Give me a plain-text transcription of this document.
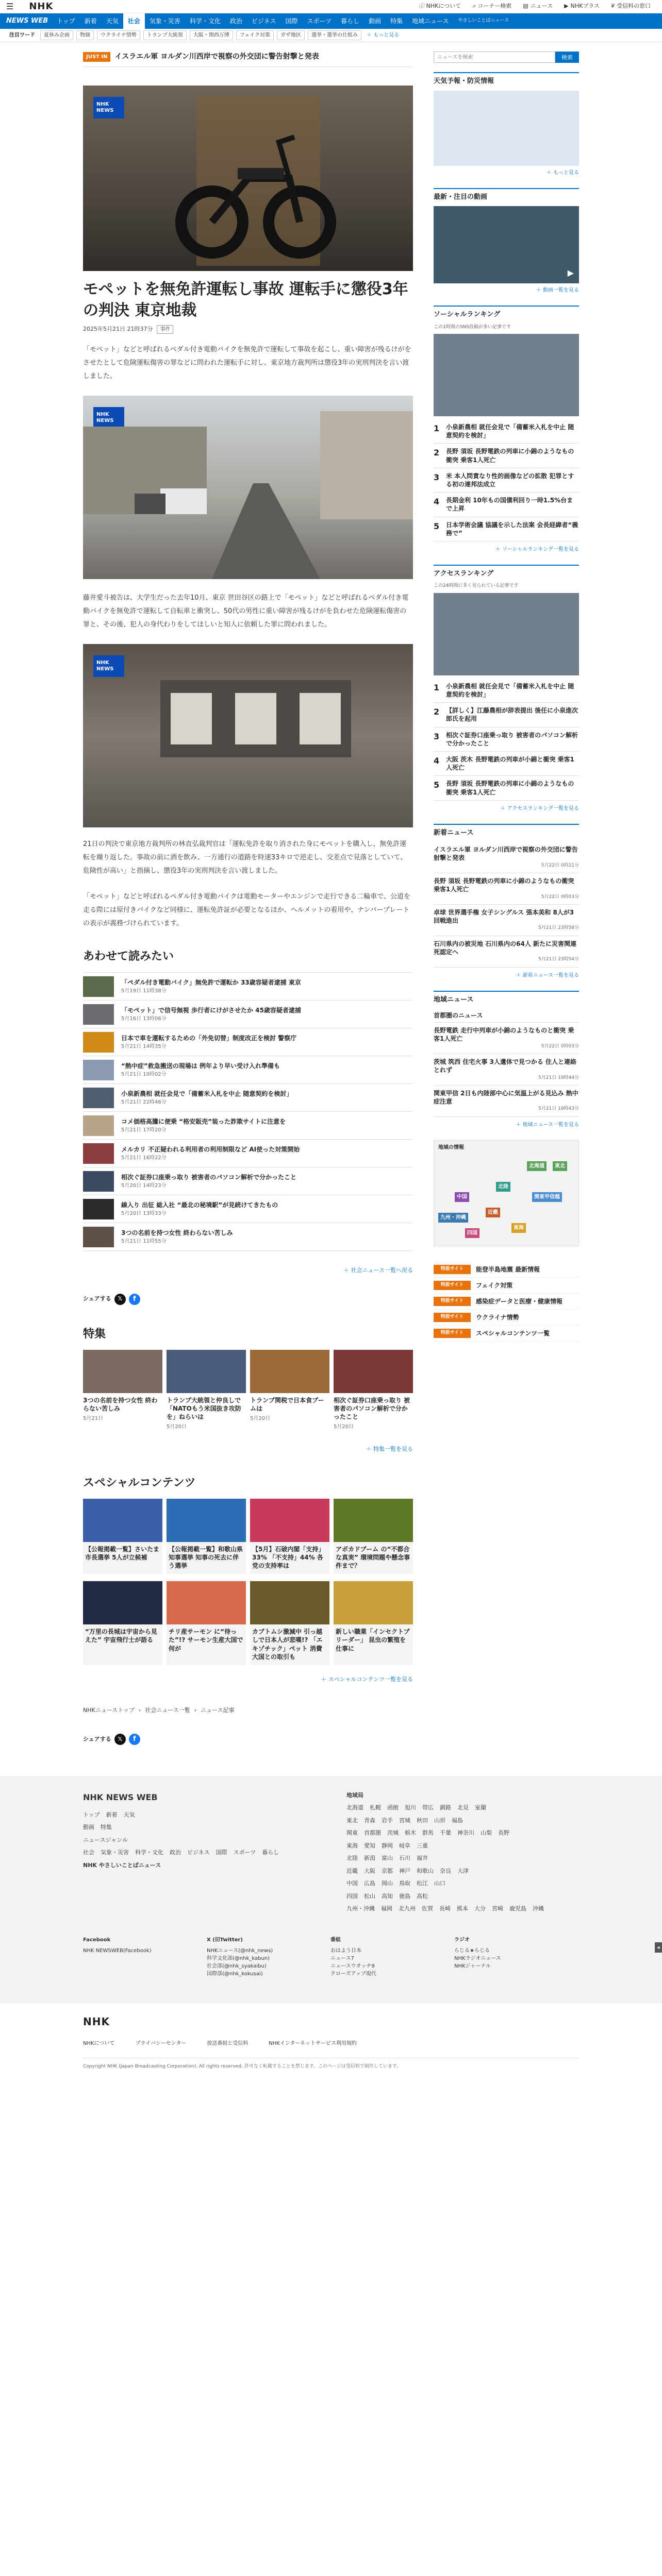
☰ NHK	ⓘ NHKについて ⌕ コーナー検索 ▤ ニュース ▶ NHKプラス ¥ 受信料の窓口
NEWS WEB	トップ	新着	天気	社会	気象・災害	科学・文化	政治	ビジネス	国際	スポーツ	暮らし	動画	特集	地域ニュース	やさしいことばニュース
注目ワード	夏休み企画	物価	ウクライナ情勢	トランプ大統領	大阪・関西万博	フェイク対策	ガザ地区	選挙・選挙の仕組み	＋ もっと見る
JUST IN	イスラエル軍 ヨルダン川西岸で視察の外交団に警告射撃と発表
NHK NEWS
モペットを無免許運転し事故 運転手に懲役3年の判決 東京地裁
2025年5月21日 21時37分	事件

「モペット」などと呼ばれるペダル付き電動バイクを無免許で運転して事故を起こし、重い障害が残るけがをさせたとして危険運転傷害の罪などに問われた運転手に対し、東京地方裁判所は懲役3年の実刑判決を言い渡しました。

NHK NEWS

藤井愛斗被告は、大学生だった去年10月、東京 世田谷区の路上で「モペット」などと呼ばれるペダル付き電動バイクを無免許で運転して自転車と衝突し、50代の男性に重い障害が残るけがを負わせた危険運転傷害の罪と、その後、犯人の身代わりをしてほしいと知人に依頼した罪に問われました。

NHK NEWS

21日の判決で東京地方裁判所の林直弘裁判官は「運転免許を取り消された身にモペットを購入し、無免許運転を繰り返した。事故の前に酒を飲み、一方通行の道路を時速33キロで逆走し、交差点で見落としていて、危険性が高い」と指摘し、懲役3年の実刑判決を言い渡しました。

「モペット」などと呼ばれるペダル付き電動バイクは電動モーターやエンジンで走行できる二輪車で、公道を走る際には原付きバイクなど同様に、運転免許証が必要となるほか、ヘルメットの着用や、ナンバープレートの表示が義務づけられています。

あわせて読みたい
「ペダル付き電動バイク」無免許で運転か 33歳容疑者逮捕 東京
5月19日 11時38分
「モペット」で信号無視 歩行者にけがさせたか 45歳容疑者逮捕
5月16日 13時06分
日本で車を運転するための「外免切替」制度改正を検討 警察庁
5月21日 14時35分
“熱中症”救急搬送の現場は 例年より早い受け入れ準備も
5月21日 10時02分
小泉新農相 就任会見で「備蓄米入札を中止 随意契約を検討」
5月21日 22時46分
コメ価格高騰に便乗 “格安販売”装った詐欺サイトに注意を
5月21日 17時20分
メルカリ 不正疑われる利用者の利用制限など AI使った対策開始
5月21日 16時22分
相次ぐ証券口座乗っ取り 被害者のパソコン解析で分かったこと
5月20日 14時23分
線入り 出征 総入社 “最北の秘境駅”が見続けてきたもの
5月20日 13時33分
3つの名前を持つ女性 終わらない苦しみ
5月21日 11時55分
＋ 社会ニュース一覧へ戻る
シェアする	𝕏	f
特集
3つの名前を持つ女性 終わらない苦しみ
5月21日
トランプ大統領と仲良しで「NATOもう米国抜き攻防を」ねらいは
5月20日
トランプ関税で日本食ブームは
5月20日
相次ぐ証券口座乗っ取り 被害者のパソコン解析で分かったこと
5月20日
＋ 特集一覧を見る
スペシャルコンテンツ
【公報掲載一覧】さいたま市長選挙 5人が立候補
【公報掲載一覧】和歌山県知事選挙 知事の死去に伴う選挙
【5月】石破内閣「支持」33% 「不支持」44% 各党の支持率は
アボカドブーム の“不都合な真実” 環境問題や懸念事件まで？
“万里の長城は宇宙から見えた” 宇宙飛行士が語る
チリ産サーモン に“待った”!? サーモン生産大国で何が
カブトムシ激減中 引っ越しで日本人が悲嘆!? 「エキゾチック」ペット 消費大国との取引も
新しい職業「インセクトブリーダー」 昆虫の繁殖を仕事に
＋ スペシャルコンテンツ一覧を見る
NHKニューストップ › 社会ニュース一覧 › ニュース記事
シェアする	𝕏	f
ニュースを検索
検索
天気予報・防災情報
＋ もっと見る
最新・注目の動画
▶
＋ 動画一覧を見る
ソーシャルランキング
この1時間のSNS投稿が多い記事です
1 小泉新農相 就任会見で「備蓄米入札を中止 随意契約を検討」
2 長野 須坂 長野電鉄の列車に小錦のようなもの衝突 乗客1人死亡
3 米 本人問責なり性的画像などの拡散 犯罪とする初の連邦法成立
4 長期金利 10年もの国債利回り一時1.5%台まで上昇
5 日本学術会議 協議を示した法案 会長経緯者“義務で”
＋ ソーシャルランキング一覧を見る
アクセスランキング
この24時間に多く見られている記事です
1 小泉新農相 就任会見で「備蓄米入札を中止 随意契約を検討」
2 【詳しく】江藤農相が辞表提出 後任に小泉進次郎氏を起用
3 相次ぐ証券口座乗っ取り 被害者のパソコン解析で分かったこと
4 大阪 茨木 長野電鉄の列車が小錦と衝突 乗客1人死亡
5 長野 須坂 長野電鉄の列車に小錦のようなもの衝突 乗客1人死亡
＋ アクセスランキング一覧を見る
新着ニュース
イスラエル軍 ヨルダン川西岸で視察の外交団に警告射撃と発表
5月22日 0時21分
長野 須坂 長野電鉄の列車に小錦のようなもの衝突 乗客1人死亡
5月22日 0時03分
卓球 世界選手権 女子シングルス 張本美和 8人が3回戦進出
5月21日 23時58分
石川県内の被災地 石川県内の64人 新たに災害関連死認定へ
5月21日 23時54分
＋ 新着ニュース一覧を見る
地域ニュース
首都圏のニュース
長野電鉄 走行中列車が小錦のようなものと衝突 乗客1人死亡
5月22日 0時03分
茨城 筑西 住宅火事 3人遺体で見つかる 住人と連絡とれず
5月21日 19時44分
関東甲信 2日も内陸部中心に気温上がる見込み 熱中症注意
5月21日 19時43分
＋ 地域ニュース一覧を見る
地域の情報
北海道	東北
関東甲信越
東海
北陸
近畿
中国
四国
九州・沖縄
特設サイト	能登半島地震 最新情報
特設サイト	フェイク対策
特設サイト	感染症データと医療・健康情報
特設サイト	ウクライナ情勢
特設サイト	スペシャルコンテンツ一覧
◂
NHK NEWS WEB
トップ 新着 天気
動画 特集
ニュースジャンル
社会 気象・災害 科学・文化 政治 ビジネス 国際 スポーツ 暮らし
NHK やさしいことばニュース
地域局
北海道 札幌 函館 旭川 帯広 釧路 北見 室蘭
東北 青森 岩手 宮城 秋田 山形 福島
関東 首都圏 茨城 栃木 群馬 千葉 神奈川 山梨 長野
東海 愛知 静岡 岐阜 三重
北陸 新潟 富山 石川 福井
近畿 大阪 京都 神戸 和歌山 奈良 大津
中国 広島 岡山 鳥取 松江 山口
四国 松山 高知 徳島 高松
九州・沖縄 福岡 北九州 佐賀 長崎 熊本 大分 宮崎 鹿児島 沖縄
Facebook
NHK NEWSWEB(Facebook)
X (旧Twitter)
NHKニュース(@nhk_news)
科学文化部(@nhk_kabun)
社会部(@nhk_syakaibu)
国際部(@nhk_kokusai)
番組
おはよう日本
ニュース7
ニュースウオッチ9
クローズアップ現代
ラジオ
らじる★らじる
NHKラジオニュース
NHKジャーナル
NHK
NHKについて	プライバシーセンター	放送番組と受信料	NHKインターネットサービス利用規約
Copyright NHK (Japan Broadcasting Corporation). All rights reserved. 許可なく転載することを禁じます。このページは受信料で制作しています。
